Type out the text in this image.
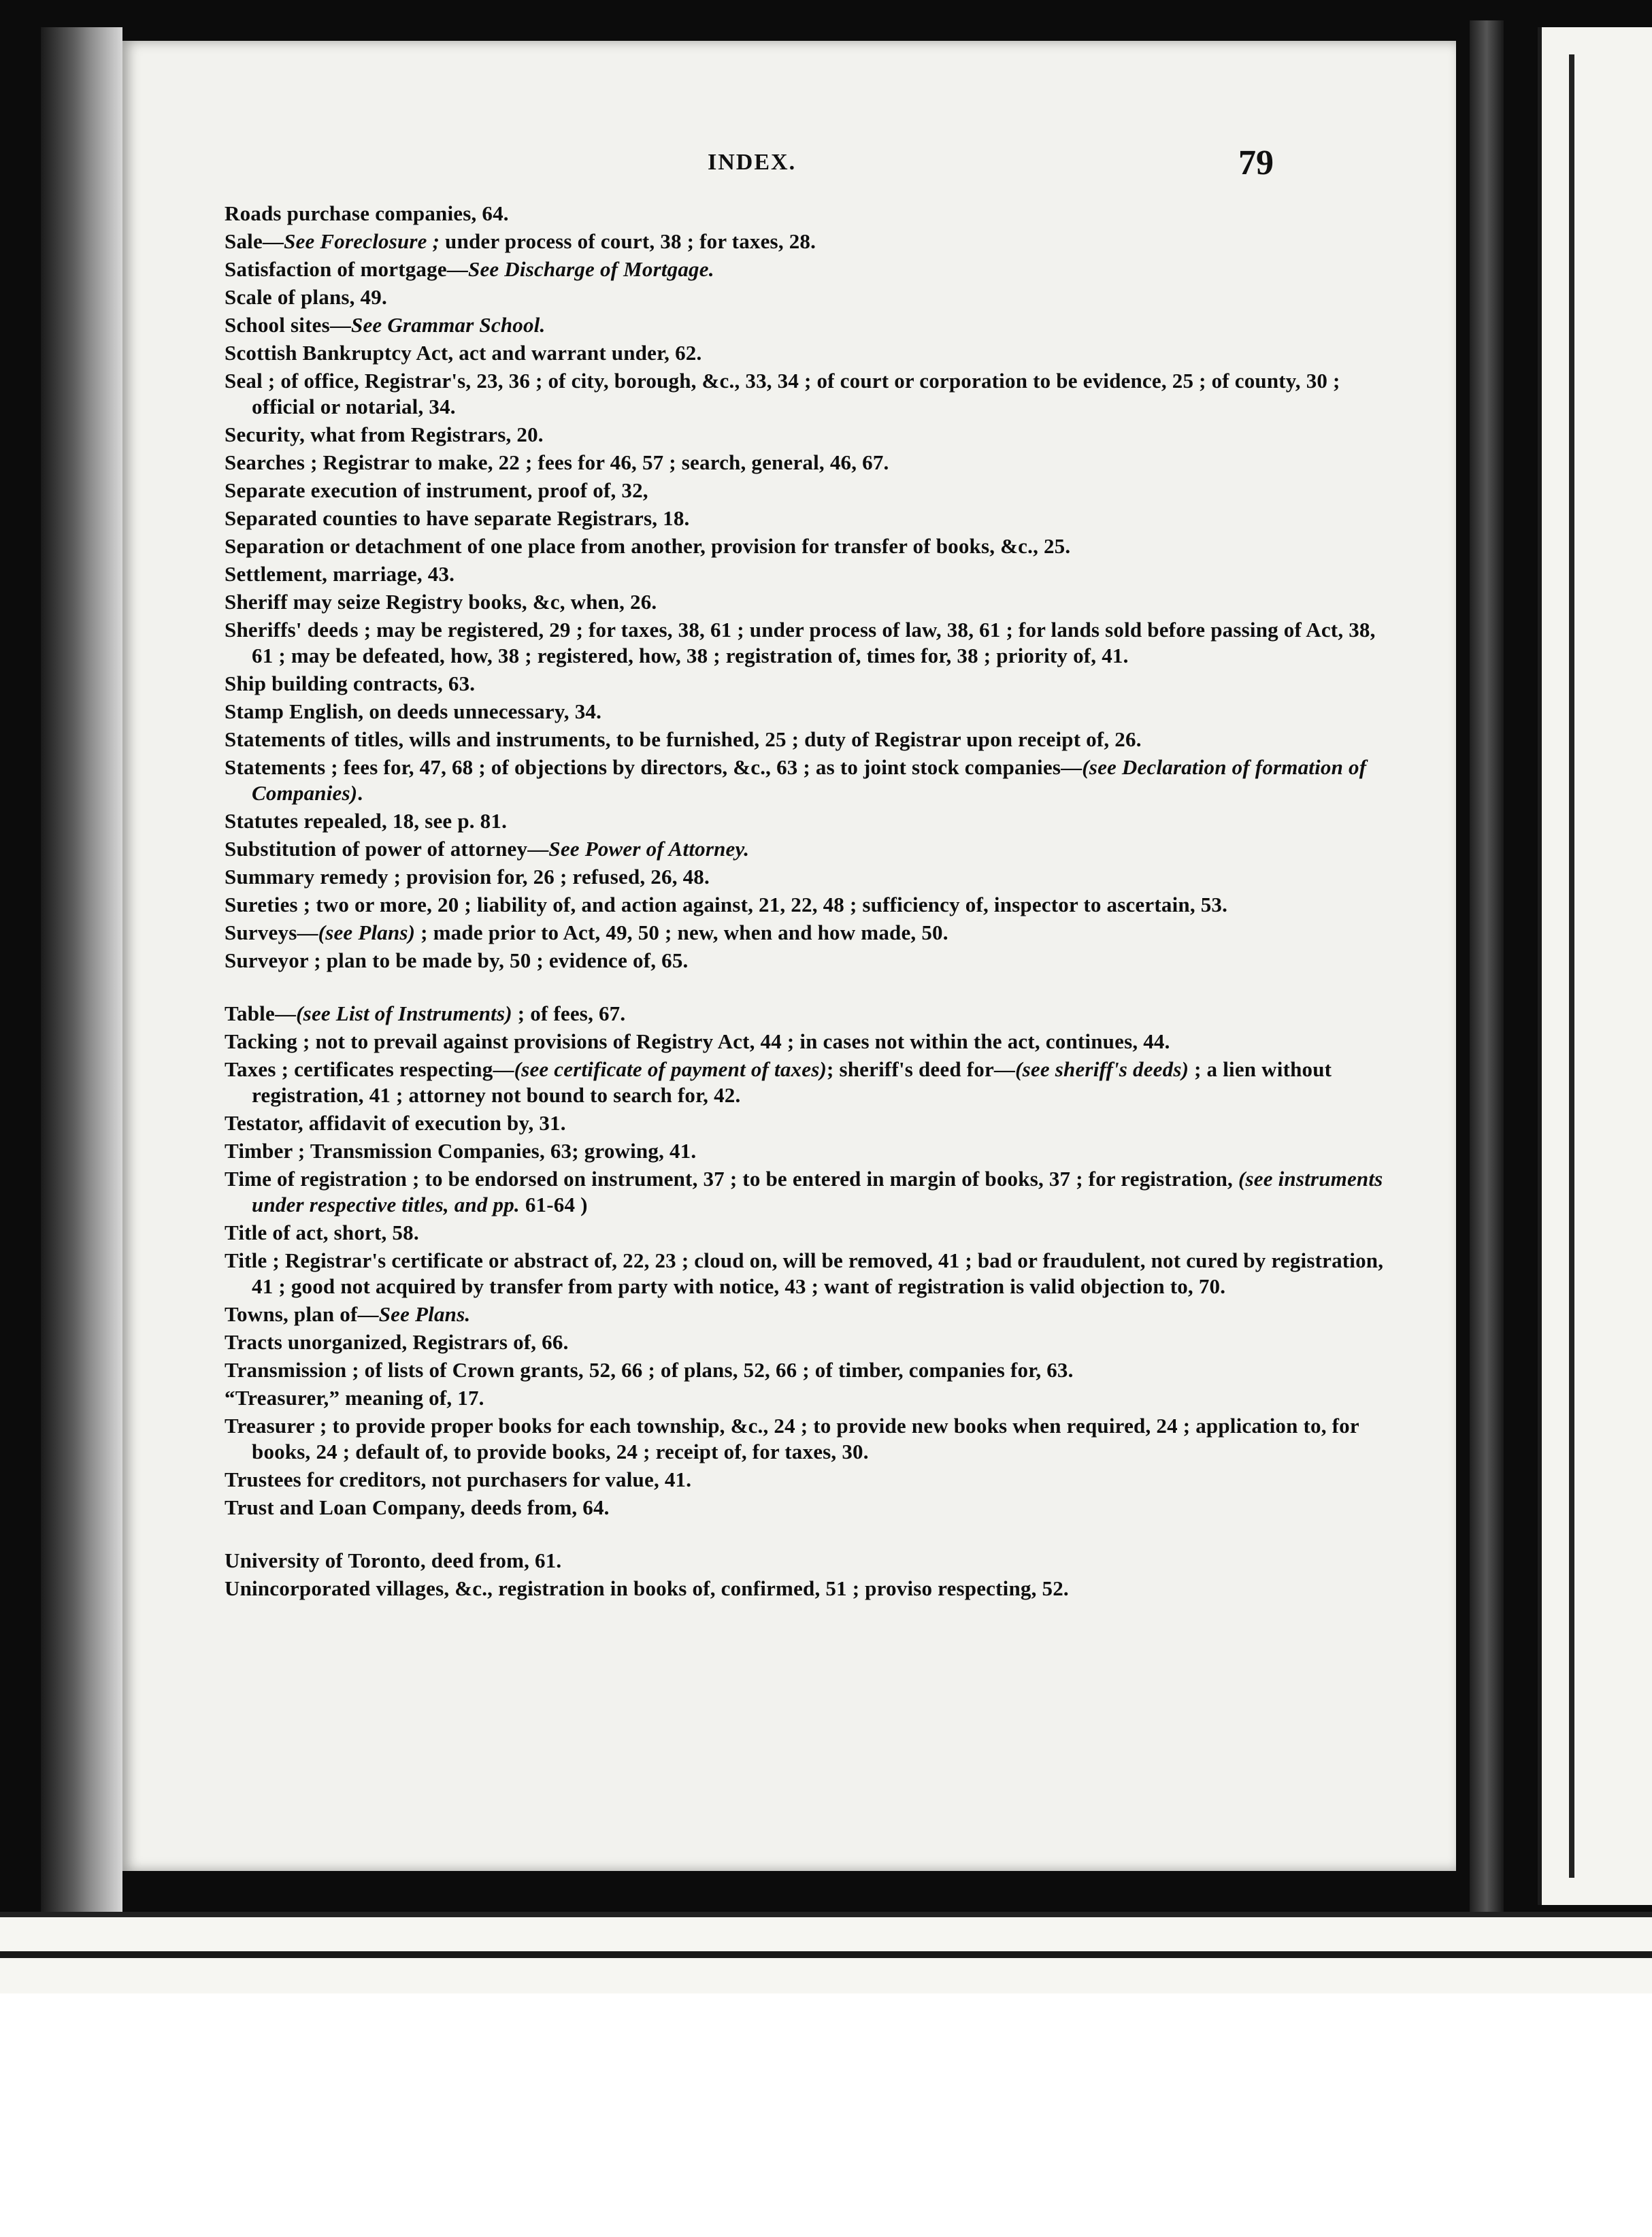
INDEX.	79
Roads purchase companies, 64.
Sale—See Foreclosure ; under process of court, 38 ; for taxes, 28.
Satisfaction of mortgage—See Discharge of Mortgage.
Scale of plans, 49.
School sites—See Grammar School.
Scottish Bankruptcy Act, act and warrant under, 62.
Seal ; of office, Registrar's, 23, 36 ; of city, borough, &c., 33, 34 ; of court or corporation to be evidence, 25 ; of county, 30 ; official or notarial, 34.
Security, what from Registrars, 20.
Searches ; Registrar to make, 22 ; fees for 46, 57 ; search, general, 46, 67.
Separate execution of instrument, proof of, 32,
Separated counties to have separate Registrars, 18.
Separation or detachment of one place from another, provision for transfer of books, &c., 25.
Settlement, marriage, 43.
Sheriff may seize Registry books, &c, when, 26.
Sheriffs' deeds ; may be registered, 29 ; for taxes, 38, 61 ; under process of law, 38, 61 ; for lands sold before passing of Act, 38, 61 ; may be defeated, how, 38 ; registered, how, 38 ; registration of, times for, 38 ; priority of, 41.
Ship building contracts, 63.
Stamp English, on deeds unnecessary, 34.
Statements of titles, wills and instruments, to be furnished, 25 ; duty of Registrar upon receipt of, 26.
Statements ; fees for, 47, 68 ; of objections by directors, &c., 63 ; as to joint stock companies—(see Declaration of formation of Companies).
Statutes repealed, 18, see p. 81.
Substitution of power of attorney—See Power of Attorney.
Summary remedy ; provision for, 26 ; refused, 26, 48.
Sureties ; two or more, 20 ; liability of, and action against, 21, 22, 48 ; sufficiency of, inspector to ascertain, 53.
Surveys—(see Plans) ; made prior to Act, 49, 50 ; new, when and how made, 50.
Surveyor ; plan to be made by, 50 ; evidence of, 65.
Table—(see List of Instruments) ; of fees, 67.
Tacking ; not to prevail against provisions of Registry Act, 44 ; in cases not within the act, continues, 44.
Taxes ; certificates respecting—(see certificate of payment of taxes); sheriff's deed for—(see sheriff's deeds) ; a lien without registration, 41 ; attorney not bound to search for, 42.
Testator, affidavit of execution by, 31.
Timber ; Transmission Companies, 63; growing, 41.
Time of registration ; to be endorsed on instrument, 37 ; to be entered in margin of books, 37 ; for registration, (see instruments under respective titles, and pp. 61-64 )
Title of act, short, 58.
Title ; Registrar's certificate or abstract of, 22, 23 ; cloud on, will be removed, 41 ; bad or fraudulent, not cured by registration, 41 ; good not acquired by transfer from party with notice, 43 ; want of registration is valid objection to, 70.
Towns, plan of—See Plans.
Tracts unorganized, Registrars of, 66.
Transmission ; of lists of Crown grants, 52, 66 ; of plans, 52, 66 ; of timber, companies for, 63.
“Treasurer,” meaning of, 17.
Treasurer ; to provide proper books for each township, &c., 24 ; to provide new books when required, 24 ; application to, for books, 24 ; default of, to provide books, 24 ; receipt of, for taxes, 30.
Trustees for creditors, not purchasers for value, 41.
Trust and Loan Company, deeds from, 64.
University of Toronto, deed from, 61.
Unincorporated villages, &c., registration in books of, confirmed, 51 ; proviso respecting, 52.
